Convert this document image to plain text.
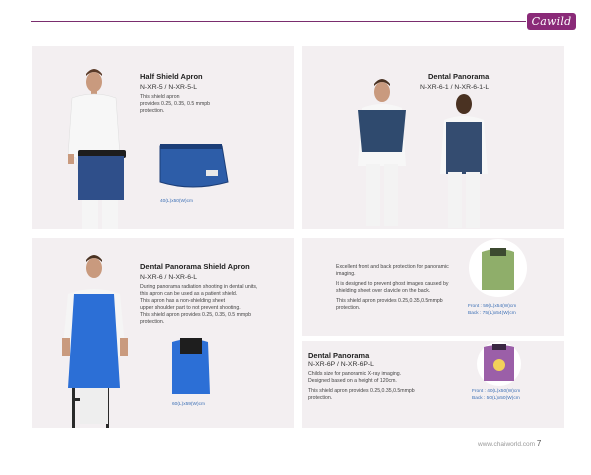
Cawild
Half Shield Apron
N-XR-5 / N-XR-5-L
This shield apron
provides 0.25, 0.35, 0.5 mmpb
protection.
40(L)x50(W)cm
Dental Panorama
N-XR-6-1 / N-XR-6-1-L
Dental Panorama Shield Apron
N-XR-6 / N-XR-6-L
During panorama radiation shooting in dental units,
this apron can be used as a patient shield.
This apron has a non-shielding sheet
upper shoulder part to not prevent shooting.
This shield apron provides 0.25, 0.35, 0.5 mmpb
protection.
60(L)x59(W)cm
Excellent front and back protection for panoramic
imaging.
It is designed to prevent ghost images caused by
shielding sheet over clavicle on the back.
This shield apron provides 0.25,0.35,0.5mmpb
protection.	Front : 59(L)x54(W)cm
Back : 75(L)x54(W)cm
Dental Panorama
N-XR-6P / N-XR-6P-L
Childs size for panoramic X-ray imaging.
Designed based on a height of 120cm.
This shield apron provides 0.25,0.35,0.5mmpb
protection.
Front : 40(L)x50(W)cm
Back : 50(L)x50(W)cm
www.chaiworld.com 7
